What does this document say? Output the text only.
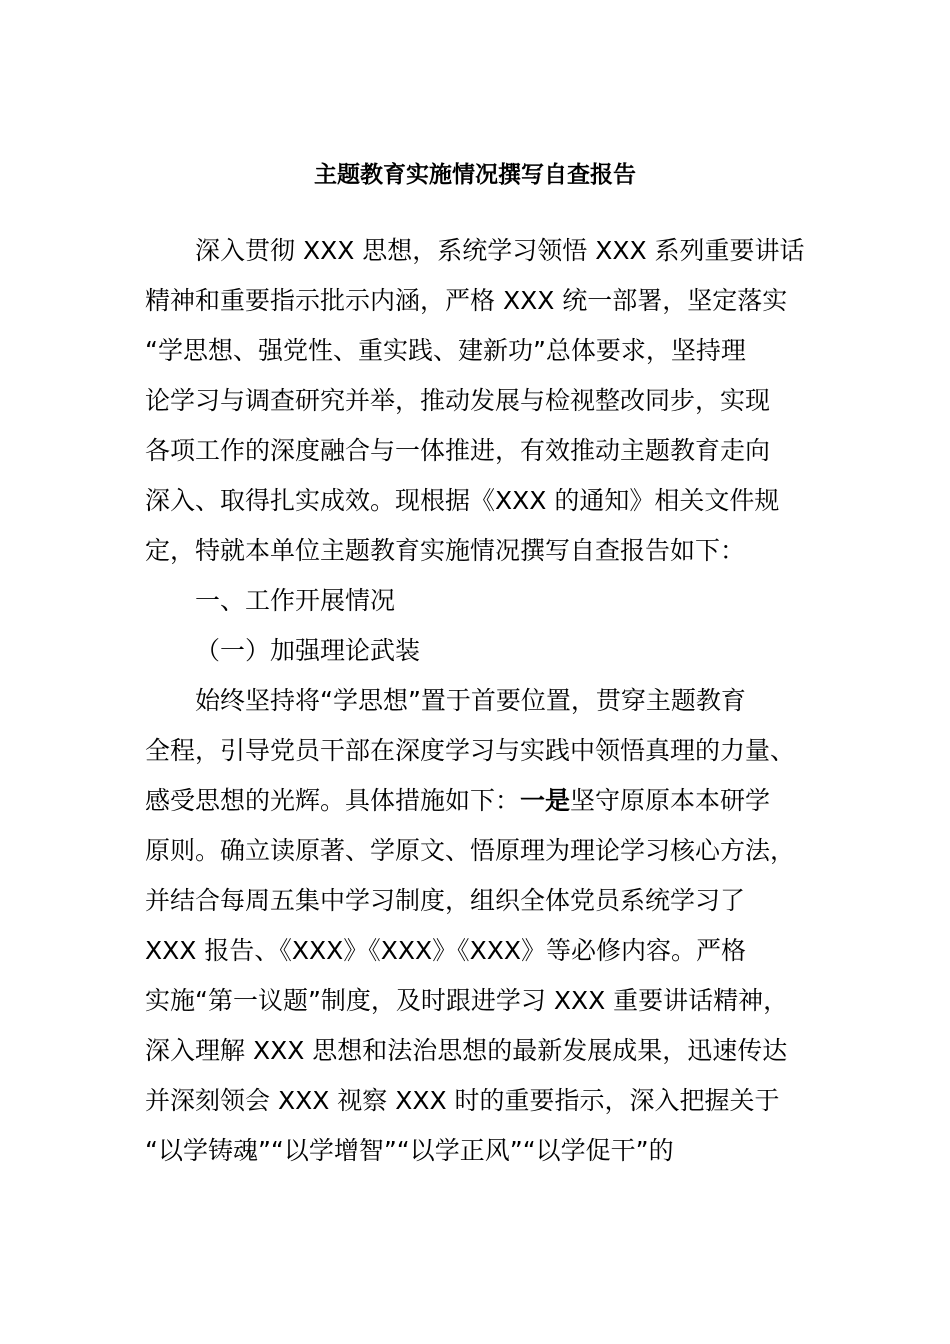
主题教育实施情况撰写自查报告
深入贯彻 XXX 思想，系统学习领悟 XXX 系列重要讲话
精神和重要指示批示内涵，严格 XXX 统一部署，坚定落实
“学思想、强党性、重实践、建新功”总体要求，坚持理
论学习与调查研究并举，推动发展与检视整改同步，实现
各项工作的深度融合与一体推进，有效推动主题教育走向
深入、取得扎实成效。现根据《XXX 的通知》相关文件规
定，特就本单位主题教育实施情况撰写自查报告如下：
一、工作开展情况
（一）加强理论武装
始终坚持将“学思想”置于首要位置，贯穿主题教育
全程，引导党员干部在深度学习与实践中领悟真理的力量、
感受思想的光辉。具体措施如下：一是坚守原原本本研学
原则。确立读原著、学原文、悟原理为理论学习核心方法，
并结合每周五集中学习制度，组织全体党员系统学习了
XXX 报告、《XXX》《XXX》《XXX》等必修内容。严格
实施“第一议题”制度，及时跟进学习 XXX 重要讲话精神，
深入理解 XXX 思想和法治思想的最新发展成果，迅速传达
并深刻领会 XXX 视察 XXX 时的重要指示，深入把握关于
“以学铸魂”“以学增智”“以学正风”“以学促干”的
